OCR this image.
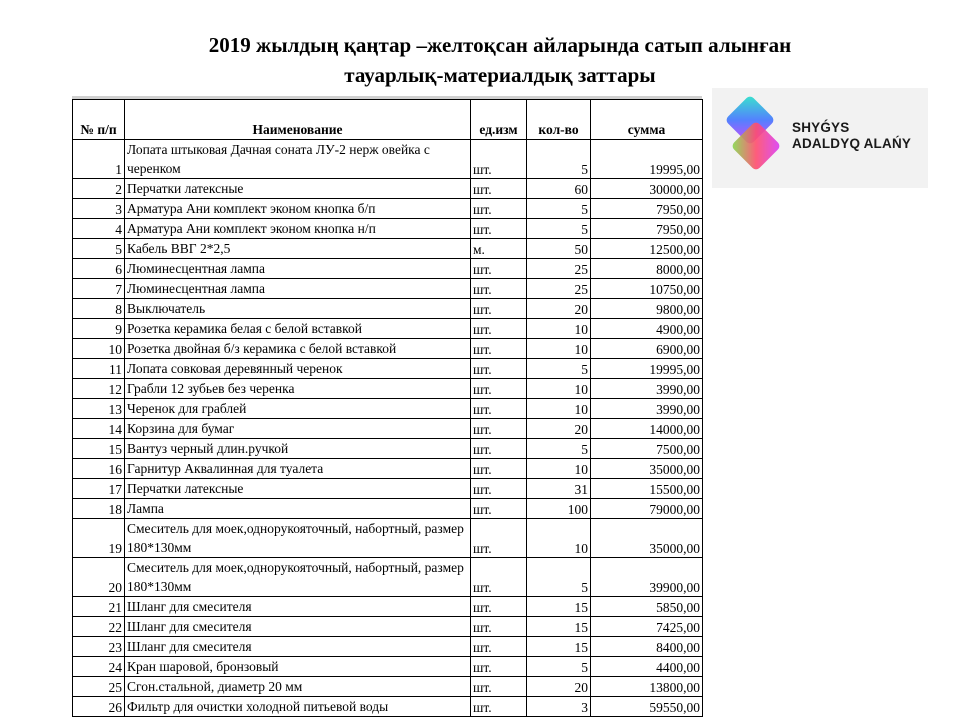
2019 жылдың қаңтар –желтоқсан айларында сатып алынған
тауарлық-материалдық заттары
№ п/п	Наименование	ед.изм	кол-во	сумма
1	Лопата штыковая Дачная соната ЛУ-2 нерж овейка с черенком	шт.	5	19995,00
2	Перчатки латексные	шт.	60	30000,00
3	Арматура Ани комплект эконом кнопка б/п	шт.	5	7950,00
4	Арматура Ани комплект эконом кнопка н/п	шт.	5	7950,00
5	Кабель ВВГ 2*2,5	м.	50	12500,00
6	Люминесцентная лампа	шт.	25	8000,00
7	Люминесцентная лампа	шт.	25	10750,00
8	Выключатель	шт.	20	9800,00
9	Розетка керамика белая с белой вставкой	шт.	10	4900,00
10	Розетка двойная б/з керамика с белой вставкой	шт.	10	6900,00
11	Лопата совковая деревянный черенок	шт.	5	19995,00
12	Грабли 12 зубьев без черенка	шт.	10	3990,00
13	Черенок для граблей	шт.	10	3990,00
14	Корзина для бумаг	шт.	20	14000,00
15	Вантуз черный длин.ручкой	шт.	5	7500,00
16	Гарнитур Аквалинная для туалета	шт.	10	35000,00
17	Перчатки латексные	шт.	31	15500,00
18	Лампа	шт.	100	79000,00
19	Смеситель для моек,однорукояточный, набортный, размер 180*130мм	шт.	10	35000,00
20	Смеситель для моек,однорукояточный, набортный, размер 180*130мм	шт.	5	39900,00
21	Шланг для смесителя	шт.	15	5850,00
22	Шланг для смесителя	шт.	15	7425,00
23	Шланг для смесителя	шт.	15	8400,00
24	Кран шаровой, бронзовый	шт.	5	4400,00
25	Сгон.стальной, диаметр 20 мм	шт.	20	13800,00
26	Фильтр для очистки холодной питьевой воды	шт.	3	59550,00
SHYǴYS
ADALDYQ ALAŃY
